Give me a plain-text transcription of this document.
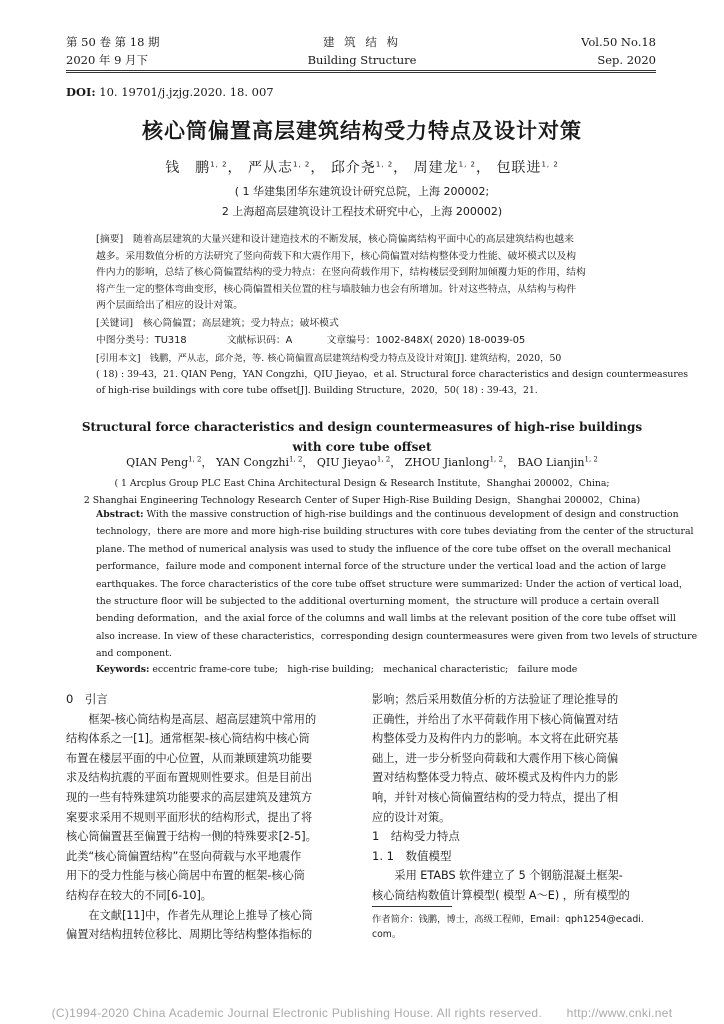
第 50 卷 第 18 期
2020 年 9 月下
建 筑 结 构
Building Structure
Vol.50 No.18
Sep. 2020
DOI: 10. 19701/j.jzjg.2020. 18. 007
核心筒偏置高层建筑结构受力特点及设计对策
钱　鹏$^{1, 2}$， 严从志$^{1, 2}$， 邱介尧$^{1, 2}$， 周建龙$^{1, 2}$， 包联进$^{1, 2}$
( 1 华建集团华东建筑设计研究总院，上海 200002;
2 上海超高层建筑设计工程技术研究中心，上海 200002)
[摘要]　随着高层建筑的大量兴建和设计建造技术的不断发展，核心筒偏离结构平面中心的高层建筑结构也越来
越多。采用数值分析的方法研究了竖向荷载下和大震作用下，核心筒偏置对结构整体受力性能、破坏模式以及构
件内力的影响，总结了核心筒偏置结构的受力特点：在竖向荷载作用下，结构楼层受到附加倾覆力矩的作用，结构
将产生一定的整体弯曲变形，核心筒偏置相关位置的柱与墙肢轴力也会有所增加。针对这些特点，从结构与构件
两个层面给出了相应的设计对策。
[关键词]　核心筒偏置；高层建筑；受力特点；破坏模式
中图分类号：TU318	文献标识码：A	文章编号：1002-848X( 2020) 18-0039-05
[引用本文]　钱鹏，严从志，邱介尧，等. 核心筒偏置高层建筑结构受力特点及设计对策[J]. 建筑结构，2020，50
( 18) : 39-43，21. QIAN Peng，YAN Congzhi，QIU Jieyao，et al. Structural force characteristics and design countermeasures
of high-rise buildings with core tube offset[J]. Building Structure，2020，50( 18) : 39-43，21.
Structural force characteristics and design countermeasures of high-rise buildings
with core tube offset
QIAN Peng$^{1, 2}$， YAN Congzhi$^{1, 2}$， QIU Jieyao$^{1, 2}$， ZHOU Jianlong$^{1, 2}$， BAO Lianjin$^{1, 2}$
( 1 Arcplus Group PLC East China Architectural Design & Research Institute，Shanghai 200002，China;
2 Shanghai Engineering Technology Research Center of Super High-Rise Building Design，Shanghai 200002，China)
Abstract: With the massive construction of high-rise buildings and the continuous development of design and construction
technology，there are more and more high-rise building structures with core tubes deviating from the center of the structural
plane. The method of numerical analysis was used to study the influence of the core tube offset on the overall mechanical
performance，failure mode and component internal force of the structure under the vertical load and the action of large
earthquakes. The force characteristics of the core tube offset structure were summarized: Under the action of vertical load，
the structure floor will be subjected to the additional overturning moment，the structure will produce a certain overall
bending deformation，and the axial force of the columns and wall limbs at the relevant position of the core tube offset will
also increase. In view of these characteristics，corresponding design countermeasures were given from two levels of structure
and component.
Keywords: eccentric frame-core tube;　high-rise building;　mechanical characteristic;　failure mode
0　引言
　　框架-核心筒结构是高层、超高层建筑中常用的
结构体系之一[1]。通常框架-核心筒结构中核心筒
布置在楼层平面的中心位置，从而兼顾建筑功能要
求及结构抗震的平面布置规则性要求。但是目前出
现的一些有特殊建筑功能要求的高层建筑及建筑方
案要求采用不规则平面形状的结构形式，提出了将
核心筒偏置甚至偏置于结构一侧的特殊要求[2-5]。
此类“核心筒偏置结构”在竖向荷载与水平地震作
用下的受力性能与核心筒居中布置的框架-核心筒
结构存在较大的不同[6-10]。
　　在文献[11]中，作者先从理论上推导了核心筒
偏置对结构扭转位移比、周期比等结构整体指标的
影响；然后采用数值分析的方法验证了理论推导的
正确性，并给出了水平荷载作用下核心筒偏置对结
构整体受力及构件内力的影响。本文将在此研究基
础上，进一步分析竖向荷载和大震作用下核心筒偏
置对结构整体受力特点、破坏模式及构件内力的影
响，并针对核心筒偏置结构的受力特点，提出了相
应的设计对策。
1　结构受力特点
1. 1　数值模型
　　采用 ETABS 软件建立了 5 个钢筋混凝土框架-
核心筒结构数值计算模型( 模型 A～E) ，所有模型的
作者简介：钱鹏，博士，高级工程师，Email：qph1254@ecadi.
com。
(C)1994-2020 China Academic Journal Electronic Publishing House. All rights reserved.　　http://www.cnki.net
